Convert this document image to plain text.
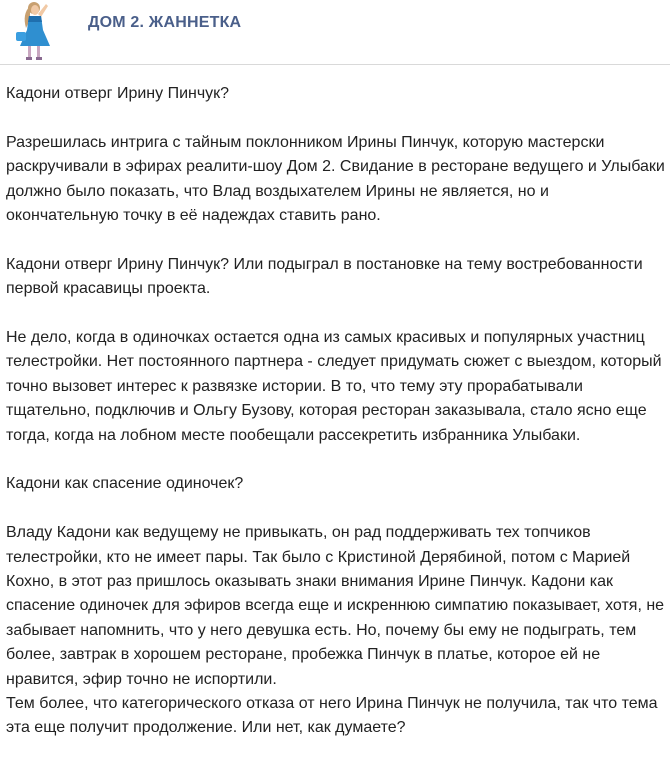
ДОМ 2. ЖАННЕТКА

Кадони отверг Ирину Пинчук?

Разрешилась интрига с тайным поклонником Ирины Пинчук, которую мастерски раскручивали в эфирах реалити-шоу Дом 2. Свидание в ресторане ведущего и Улыбаки должно было показать, что Влад воздыхателем Ирины не является, но и окончательную точку в её надеждах ставить рано.

Кадони отверг Ирину Пинчук? Или подыграл в постановке на тему востребованности первой красавицы проекта.

Не дело, когда в одиночках остается одна из самых красивых и популярных участниц телестройки. Нет постоянного партнера - следует придумать сюжет с выездом, который точно вызовет интерес к развязке истории. В то, что тему эту прорабатывали тщательно, подключив и Ольгу Бузову, которая ресторан заказывала, стало ясно еще тогда, когда на лобном месте пообещали рассекретить избранника Улыбаки.

Кадони как спасение одиночек?

Владу Кадони как ведущему не привыкать, он рад поддерживать тех топчиков телестройки, кто не имеет пары. Так было с Кристиной Дерябиной, потом с Марией Кохно, в этот раз пришлось оказывать знаки внимания Ирине Пинчук. Кадони как спасение одиночек для эфиров всегда еще и искреннюю симпатию показывает, хотя, не забывает напомнить, что у него девушка есть. Но, почему бы ему не подыграть, тем более, завтрак в хорошем ресторане, пробежка Пинчук в платье, которое ей не нравится, эфир точно не испортили.

Тем более, что категорического отказа от него Ирина Пинчук не получила, так что тема эта еще получит продолжение. Или нет, как думаете?
